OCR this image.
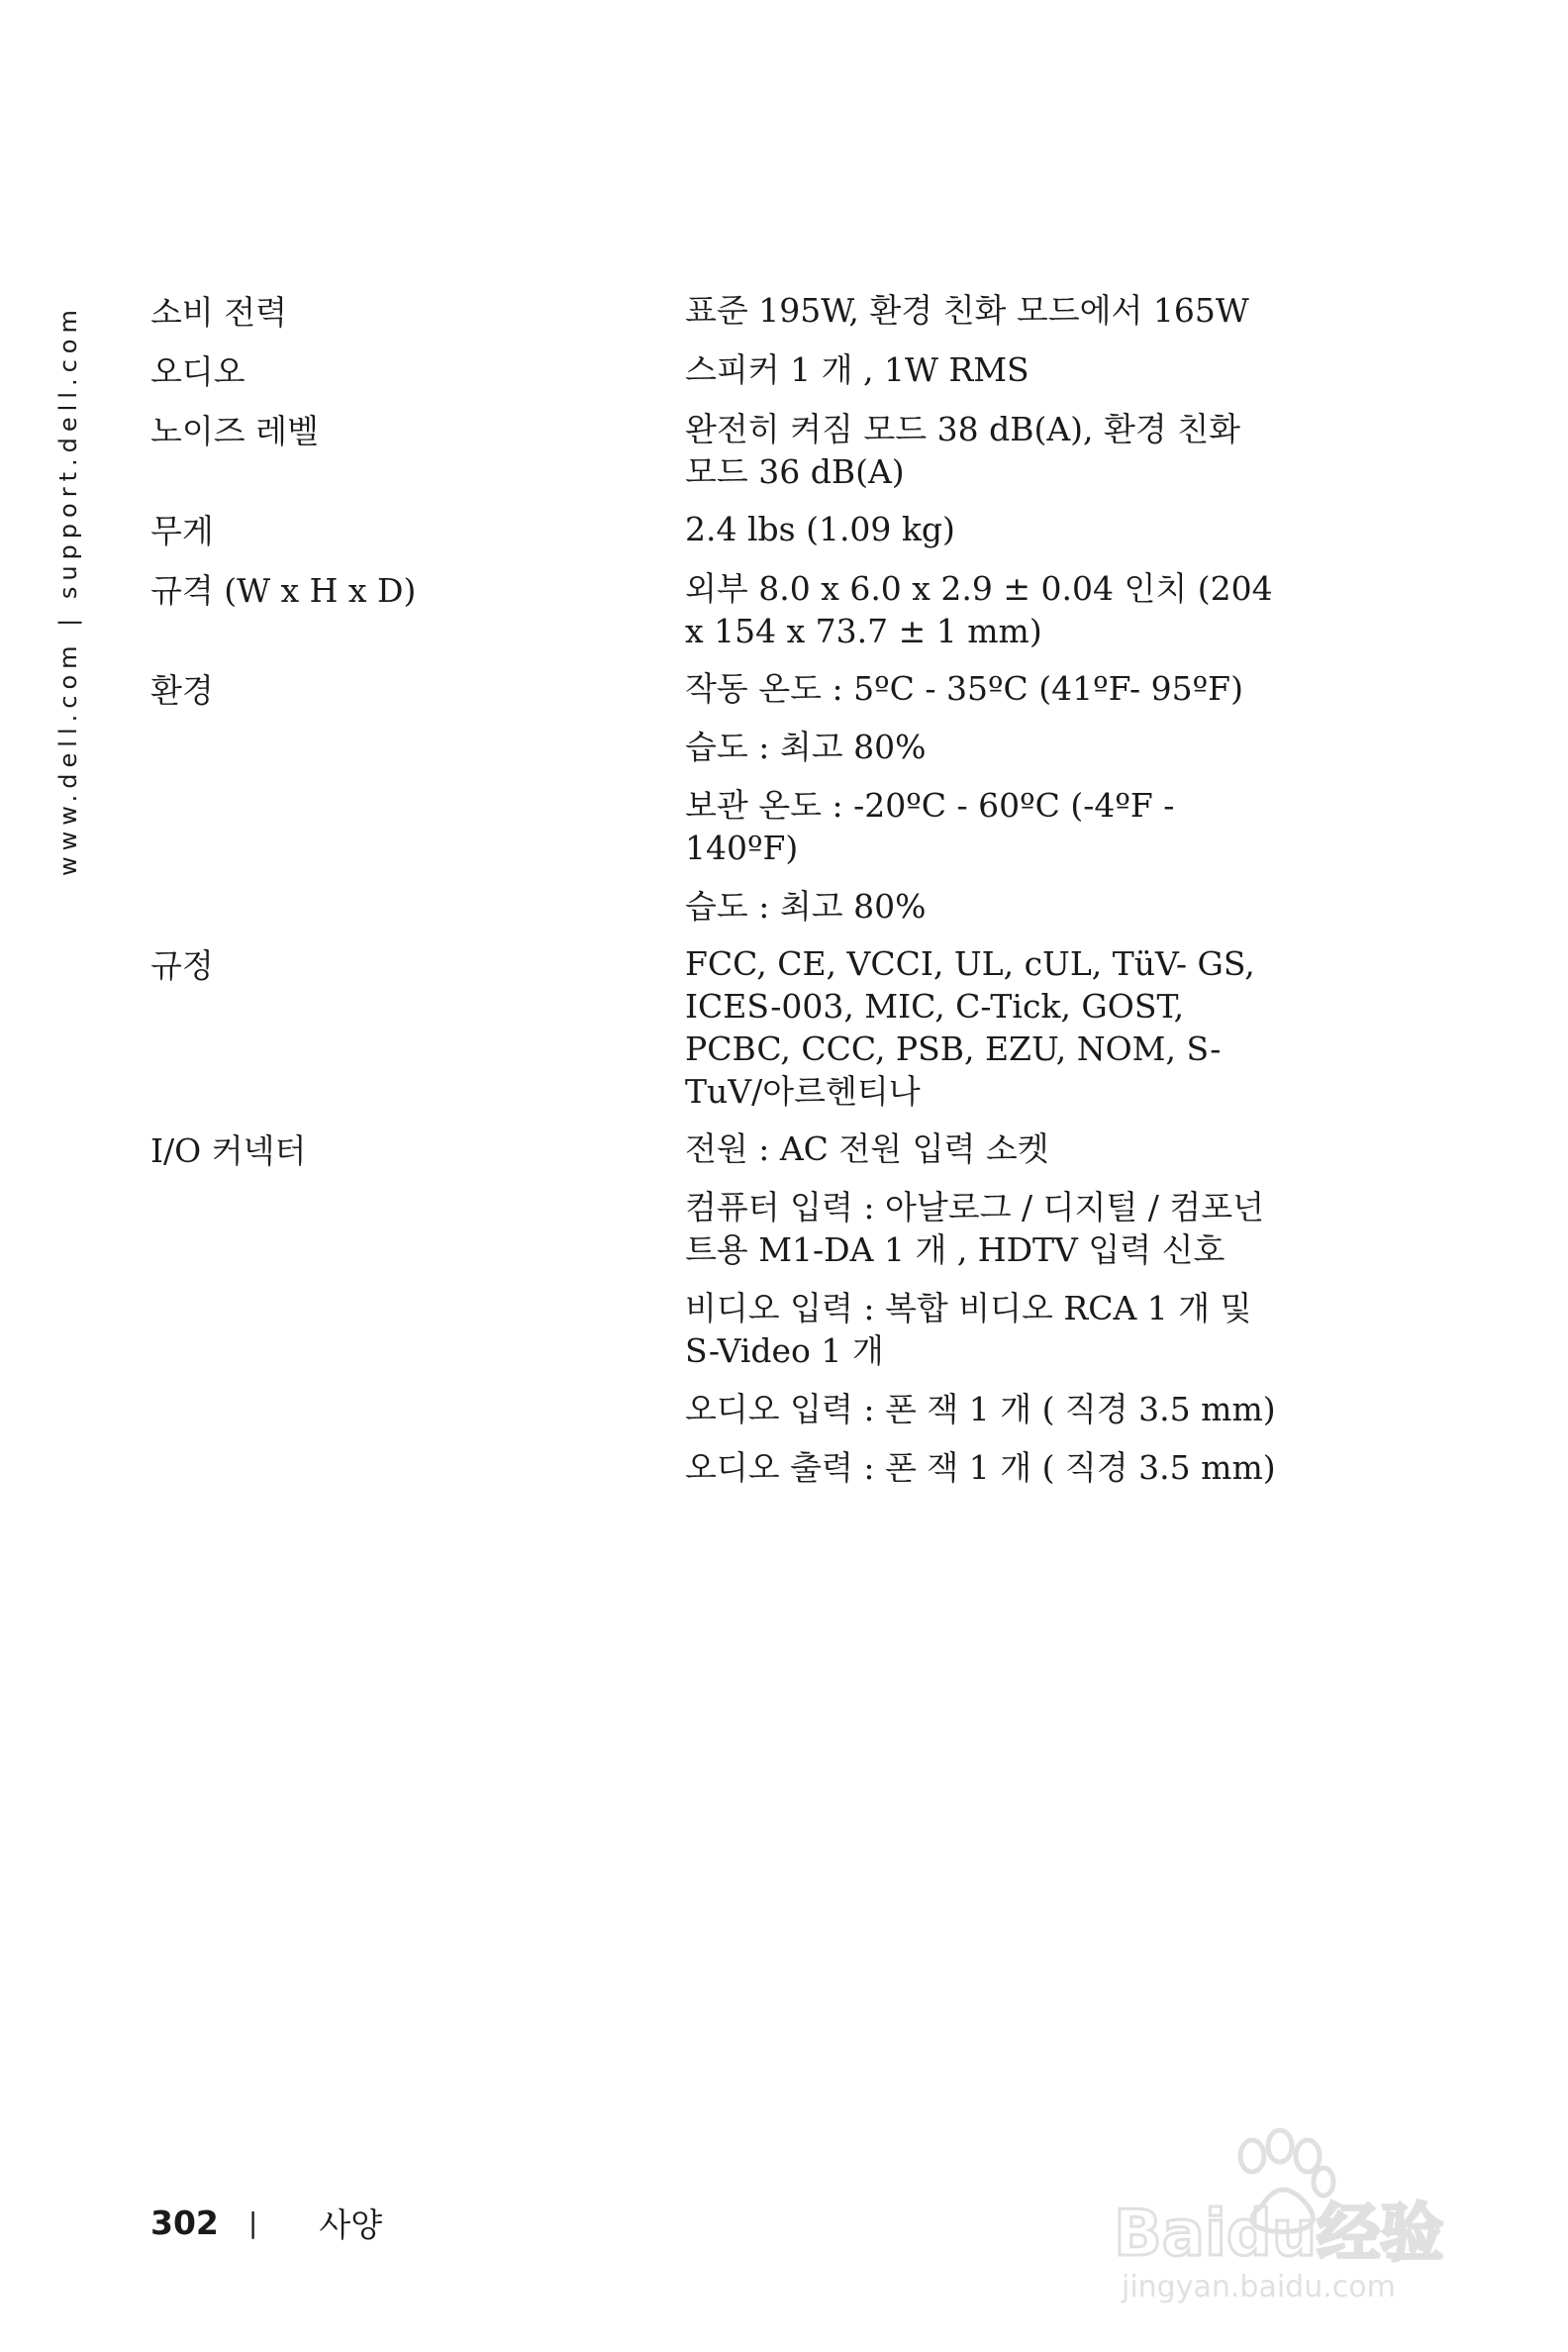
www.dell.com | support.dell.com 소비 전력	표준 195W, 환경 친화 모드에서 165W
오디오	스피커 1 개 , 1W RMS
노이즈 레벨	완전히 켜짐 모드 38 dB(A), 환경 친화 모드 36 dB(A)
무게	2.4 lbs (1.09 kg)
규격 (W x H x D)	외부 8.0 x 6.0 x 2.9 ± 0.04 인치 (204 x 154 x 73.7 ± 1 mm)
환경	작동 온도 : 5ºC - 35ºC (41ºF- 95ºF)
습도 : 최고 80%
보관 온도 : -20ºC - 60ºC (-4ºF - 140ºF)
습도 : 최고 80%
규정	FCC, CE, VCCI, UL, cUL, TüV- GS, ICES-003, MIC, C-Tick, GOST, PCBC, CCC, PSB, EZU, NOM, S-TuV/아르헨티나
I/O 커넥터	전원 : AC 전원 입력 소켓
컴퓨터 입력 : 아날로그 / 디지털 / 컴포넌트용 M1-DA 1 개 , HDTV 입력 신호
비디오 입력 : 복합 비디오 RCA 1 개 및 S-Video 1 개
오디오 입력 : 폰 잭 1 개 ( 직경 3.5 mm)
오디오 출력 : 폰 잭 1 개 ( 직경 3.5 mm)
302 | 사양	Baidu经验
jingyan.baidu.com
